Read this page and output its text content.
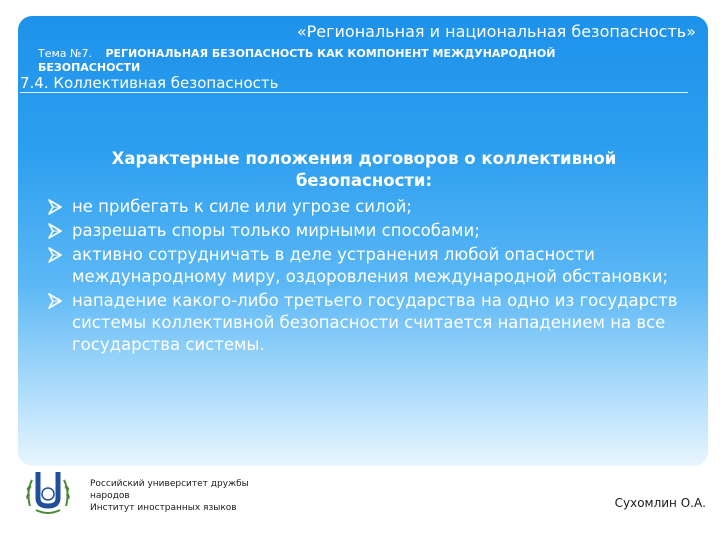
«Региональная и национальная безопасность»
Тема №7. РЕГИОНАЛЬНАЯ БЕЗОПАСНОСТЬ КАК КОМПОНЕНТ МЕЖДУНАРОДНОЙ БЕЗОПАСНОСТИ
7.4. Коллективная безопасность
Характерные положения договоров о коллективной безопасности:
не прибегать к силе или угрозе силой;
разрешать споры только мирными способами;
активно сотрудничать в деле устранения любой опасности международному миру, оздоровления международной обстановки;
нападение какого-либо третьего государства на одно из государств системы коллективной безопасности считается нападением на все государства системы.
Российский университет дружбы
народов
Институт иностранных языков	Сухомлин О.А.
